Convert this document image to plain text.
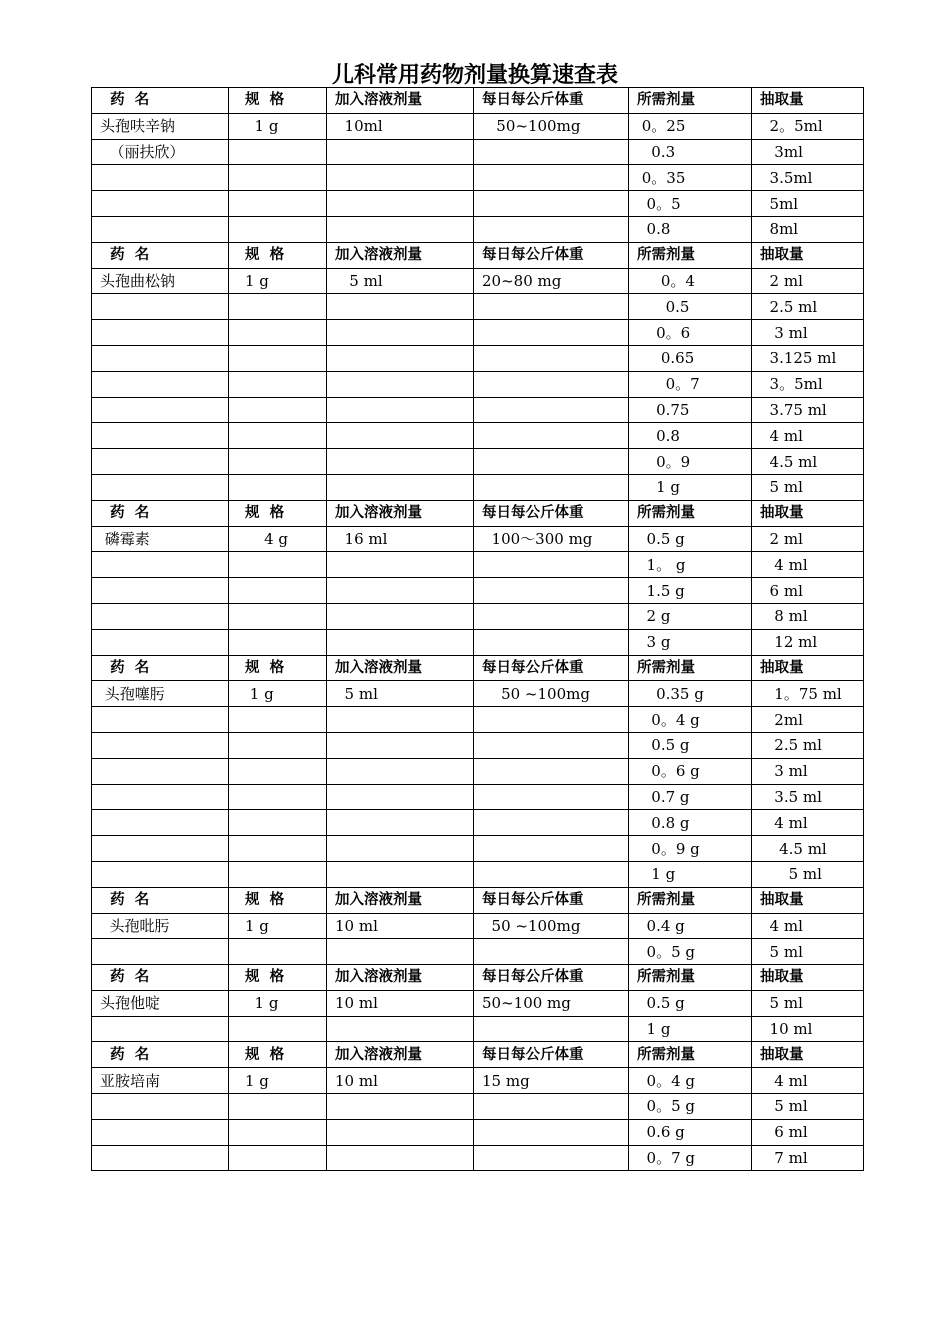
儿科常用药物剂量换算速查表
药  名	规  格	加入溶液剂量	每日每公斤体重	所需剂量	抽取量
头孢呋辛钠	1 g	10ml	50~100mg	0。25	2。5ml
（丽扶欣）				0.3	3ml
				0。35	3.5ml
				0。5	5ml
				0.8	8ml
药  名	规  格	加入溶液剂量	每日每公斤体重	所需剂量	抽取量
头孢曲松钠	1 g	5 ml	20~80 mg	0。4	2 ml
				0.5	2.5 ml
				0。6	3 ml
				0.65	3.125 ml
				0。7	3。5ml
				0.75	3.75 ml
				0.8	4 ml
				0。9	4.5 ml
				1 g	5 ml
药  名	规  格	加入溶液剂量	每日每公斤体重	所需剂量	抽取量
磷霉素	4 g	16 ml	100～300 mg	0.5 g	2 ml
				1。 g	4 ml
				1.5 g	6 ml
				2 g	8 ml
				3 g	12 ml
药  名	规  格	加入溶液剂量	每日每公斤体重	所需剂量	抽取量
头孢噻肟	1 g	5 ml	50 ~100mg	0.35 g	1。75 ml
				0。4 g	2ml
				0.5 g	2.5 ml
				0。6 g	3 ml
				0.7 g	3.5 ml
				0.8 g	4 ml
				0。9 g	4.5 ml
				1 g	5 ml
药  名	规  格	加入溶液剂量	每日每公斤体重	所需剂量	抽取量
头孢吡肟	1 g	10 ml	50 ~100mg	0.4 g	4 ml
				0。5 g	5 ml
药  名	规  格	加入溶液剂量	每日每公斤体重	所需剂量	抽取量
头孢他啶	1 g	10 ml	50~100 mg	0.5 g	5 ml
				1 g	10 ml
药  名	规  格	加入溶液剂量	每日每公斤体重	所需剂量	抽取量
亚胺培南	1 g	10 ml	15 mg	0。4 g	4 ml
				0。5 g	5 ml
				0.6 g	6 ml
				0。7 g	7 ml
